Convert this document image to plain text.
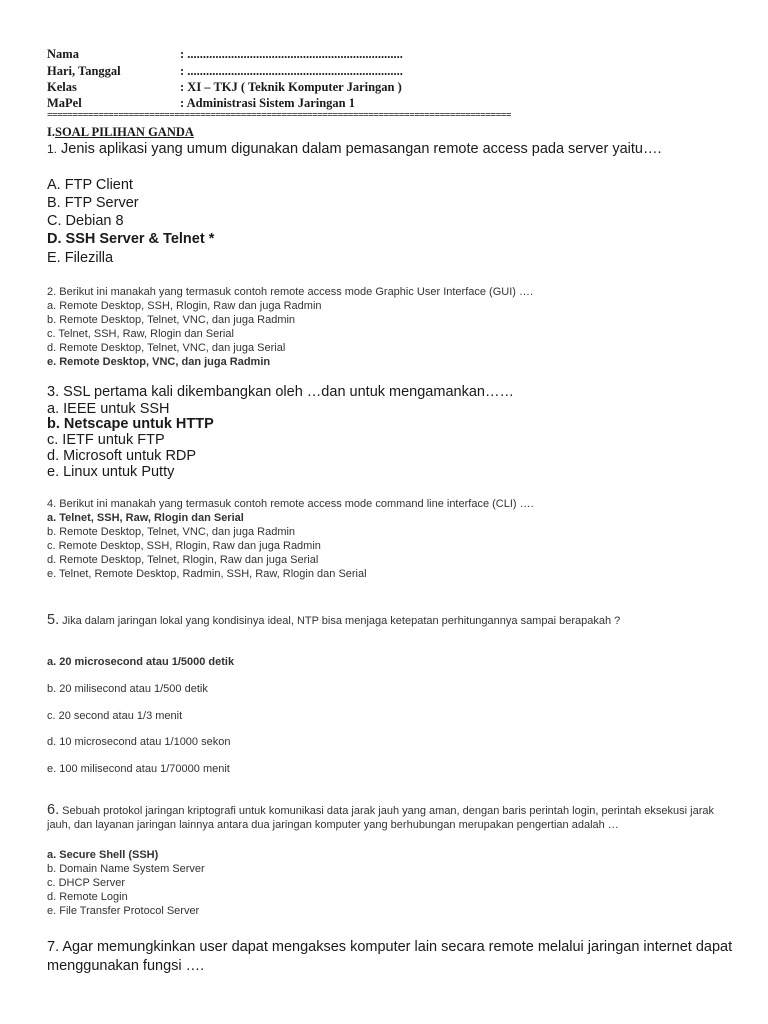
Nama	: .....................................................................
Hari, Tanggal	: .....................................................................
Kelas	: XI – TKJ ( Teknik Komputer Jaringan )
MaPel	: Administrasi Sistem Jaringan 1
===========================================================================================
I.SOAL PILIHAN GANDA
1. Jenis aplikasi yang umum digunakan dalam pemasangan remote access pada server yaitu….
A. FTP Client
B. FTP Server
C. Debian 8
D. SSH Server & Telnet *
E. Filezilla
2. Berikut ini manakah yang termasuk contoh remote access mode Graphic User Interface (GUI) ….
a. Remote Desktop, SSH, Rlogin, Raw dan juga Radmin
b. Remote Desktop, Telnet, VNC, dan juga Radmin
c. Telnet, SSH, Raw, Rlogin dan Serial
d. Remote Desktop, Telnet, VNC, dan juga Serial
e. Remote Desktop, VNC, dan juga Radmin
3. SSL pertama kali dikembangkan oleh …dan untuk mengamankan……
a. IEEE untuk SSH
b. Netscape untuk HTTP
c. IETF untuk FTP
d. Microsoft untuk RDP
e. Linux untuk Putty
4. Berikut ini manakah yang termasuk contoh remote access mode command line interface (CLI) ….
a. Telnet, SSH, Raw, Rlogin dan Serial
b. Remote Desktop, Telnet, VNC, dan juga Radmin
c. Remote Desktop, SSH, Rlogin, Raw dan juga Radmin
d. Remote Desktop, Telnet, Rlogin, Raw dan juga Serial
e. Telnet, Remote Desktop, Radmin, SSH, Raw, Rlogin dan Serial
5. Jika dalam jaringan lokal yang kondisinya ideal, NTP bisa menjaga ketepatan perhitungannya sampai berapakah ?
a. 20 microsecond atau 1/5000 detik
b. 20 milisecond atau 1/500 detik
c. 20 second atau 1/3 menit
d. 10 microsecond atau 1/1000 sekon
e. 100 milisecond atau 1/70000 menit
6. Sebuah protokol jaringan kriptografi untuk komunikasi data jarak jauh yang aman, dengan baris perintah login, perintah eksekusi jarak jauh, dan layanan jaringan lainnya antara dua jaringan komputer yang berhubungan merupakan pengertian adalah …
a. Secure Shell (SSH)
b. Domain Name System Server
c. DHCP Server
d. Remote Login
e. File Transfer Protocol Server
7. Agar memungkinkan user dapat mengakses komputer lain secara remote melalui jaringan internet dapat menggunakan fungsi ….
